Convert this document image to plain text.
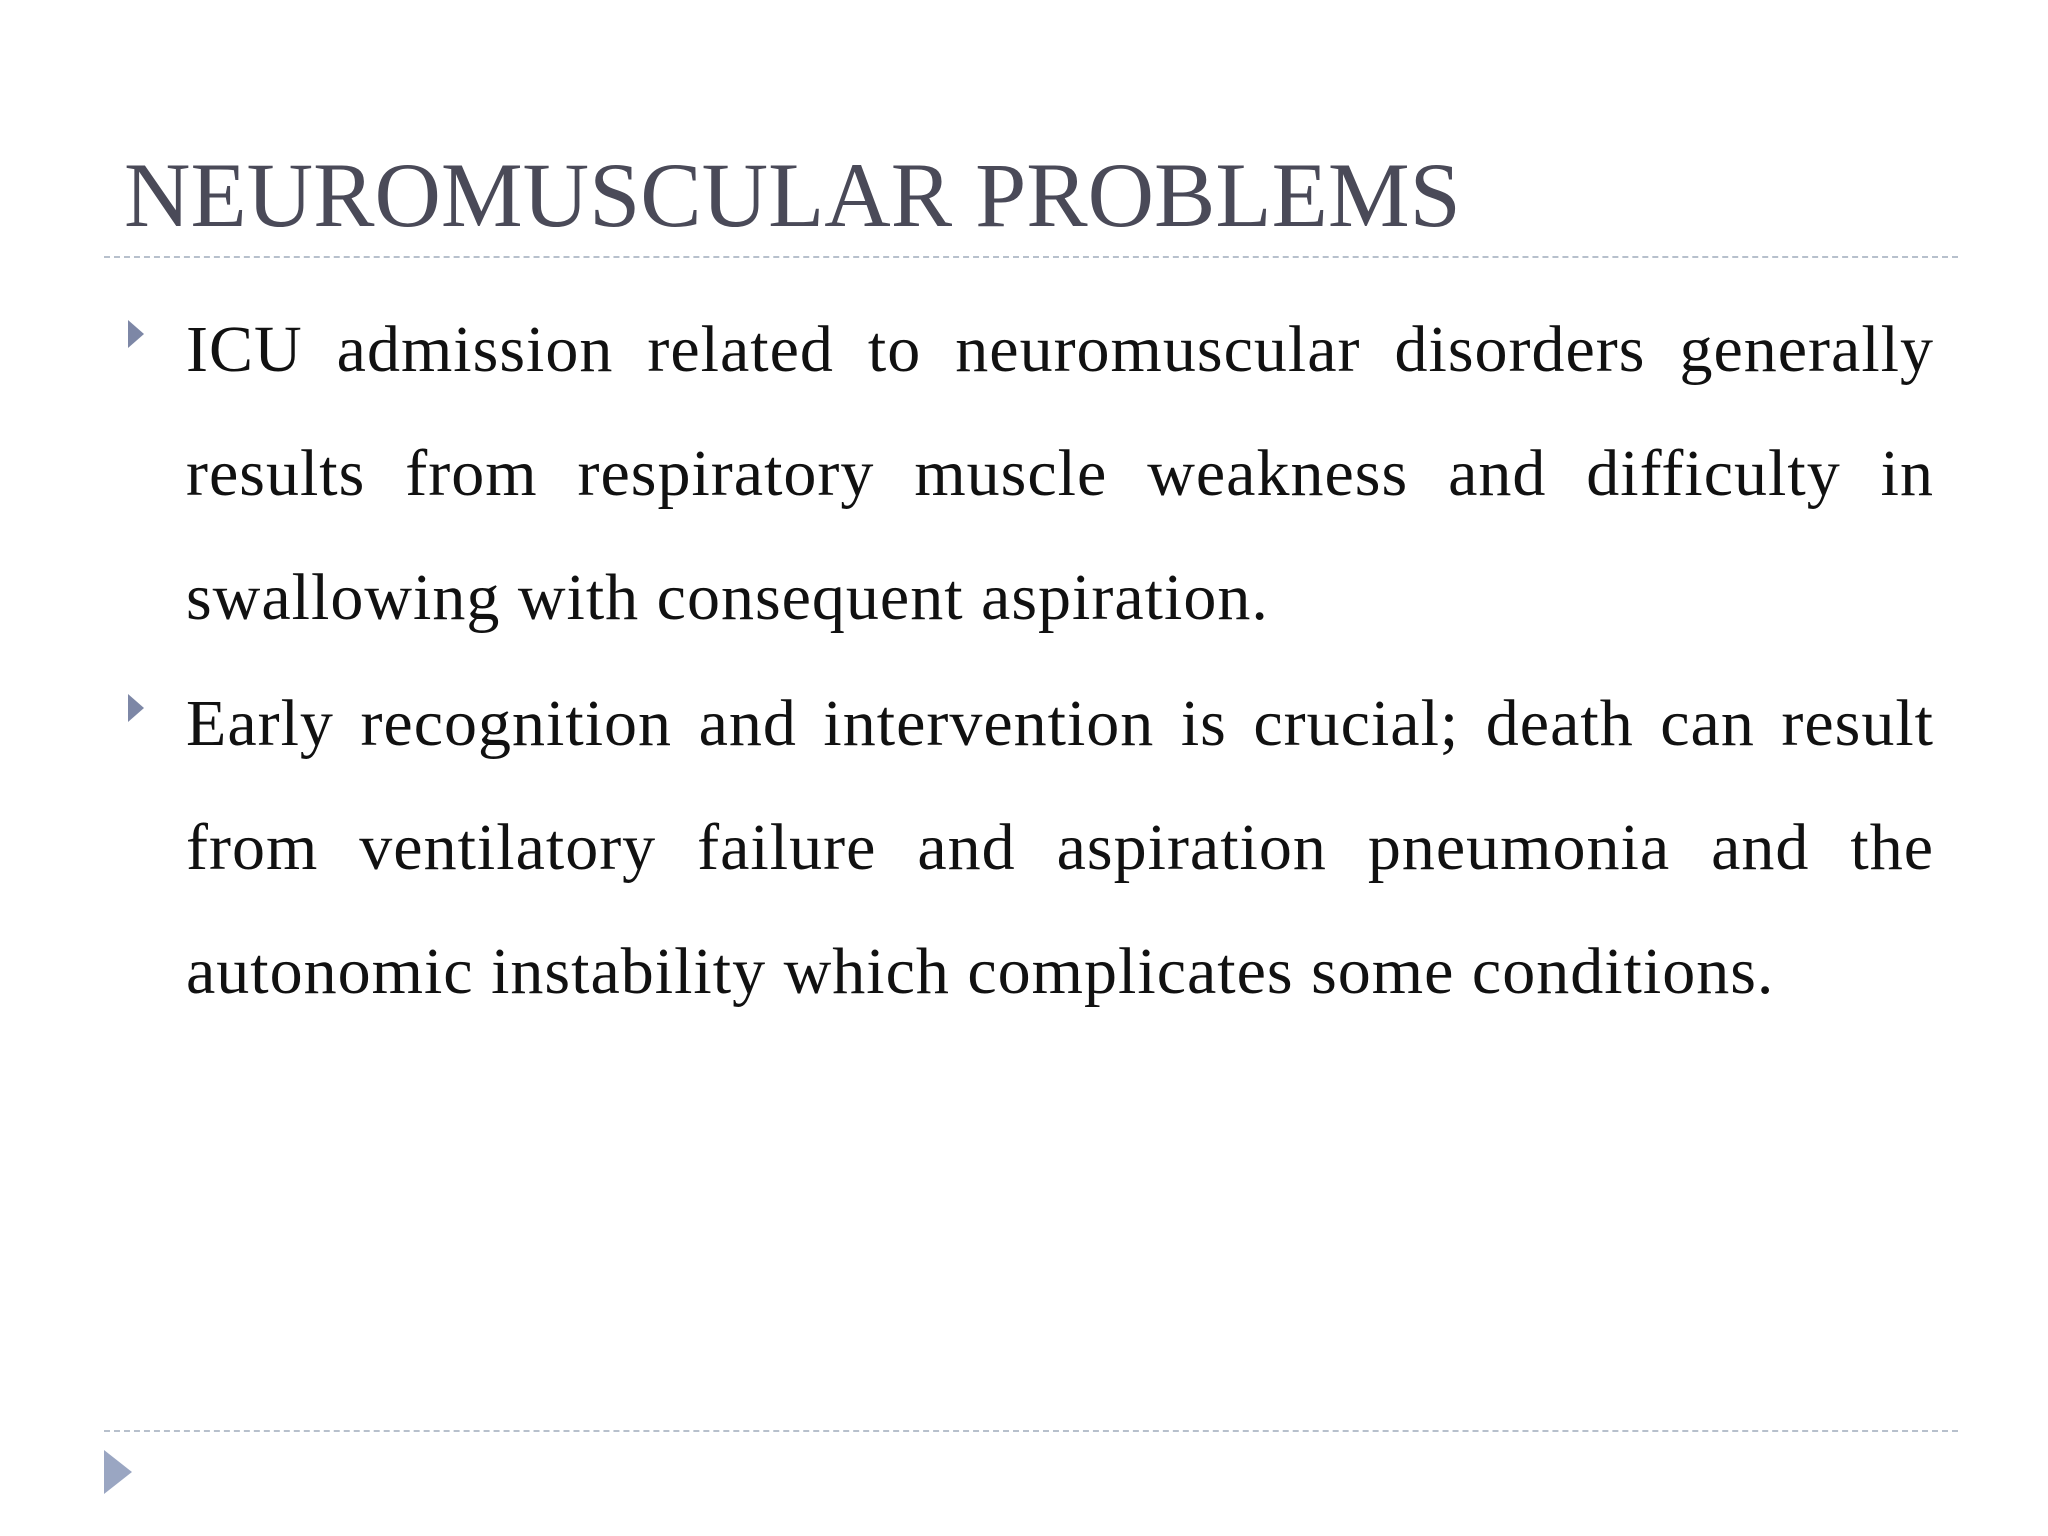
NEUROMUSCULAR PROBLEMS
ICU admission related to neuromuscular disorders generally results from respiratory muscle weakness and difficulty in swallowing with consequent aspiration.
Early recognition and intervention is crucial; death can result from ventilatory failure and aspiration pneumonia and the autonomic instability which complicates some conditions.
